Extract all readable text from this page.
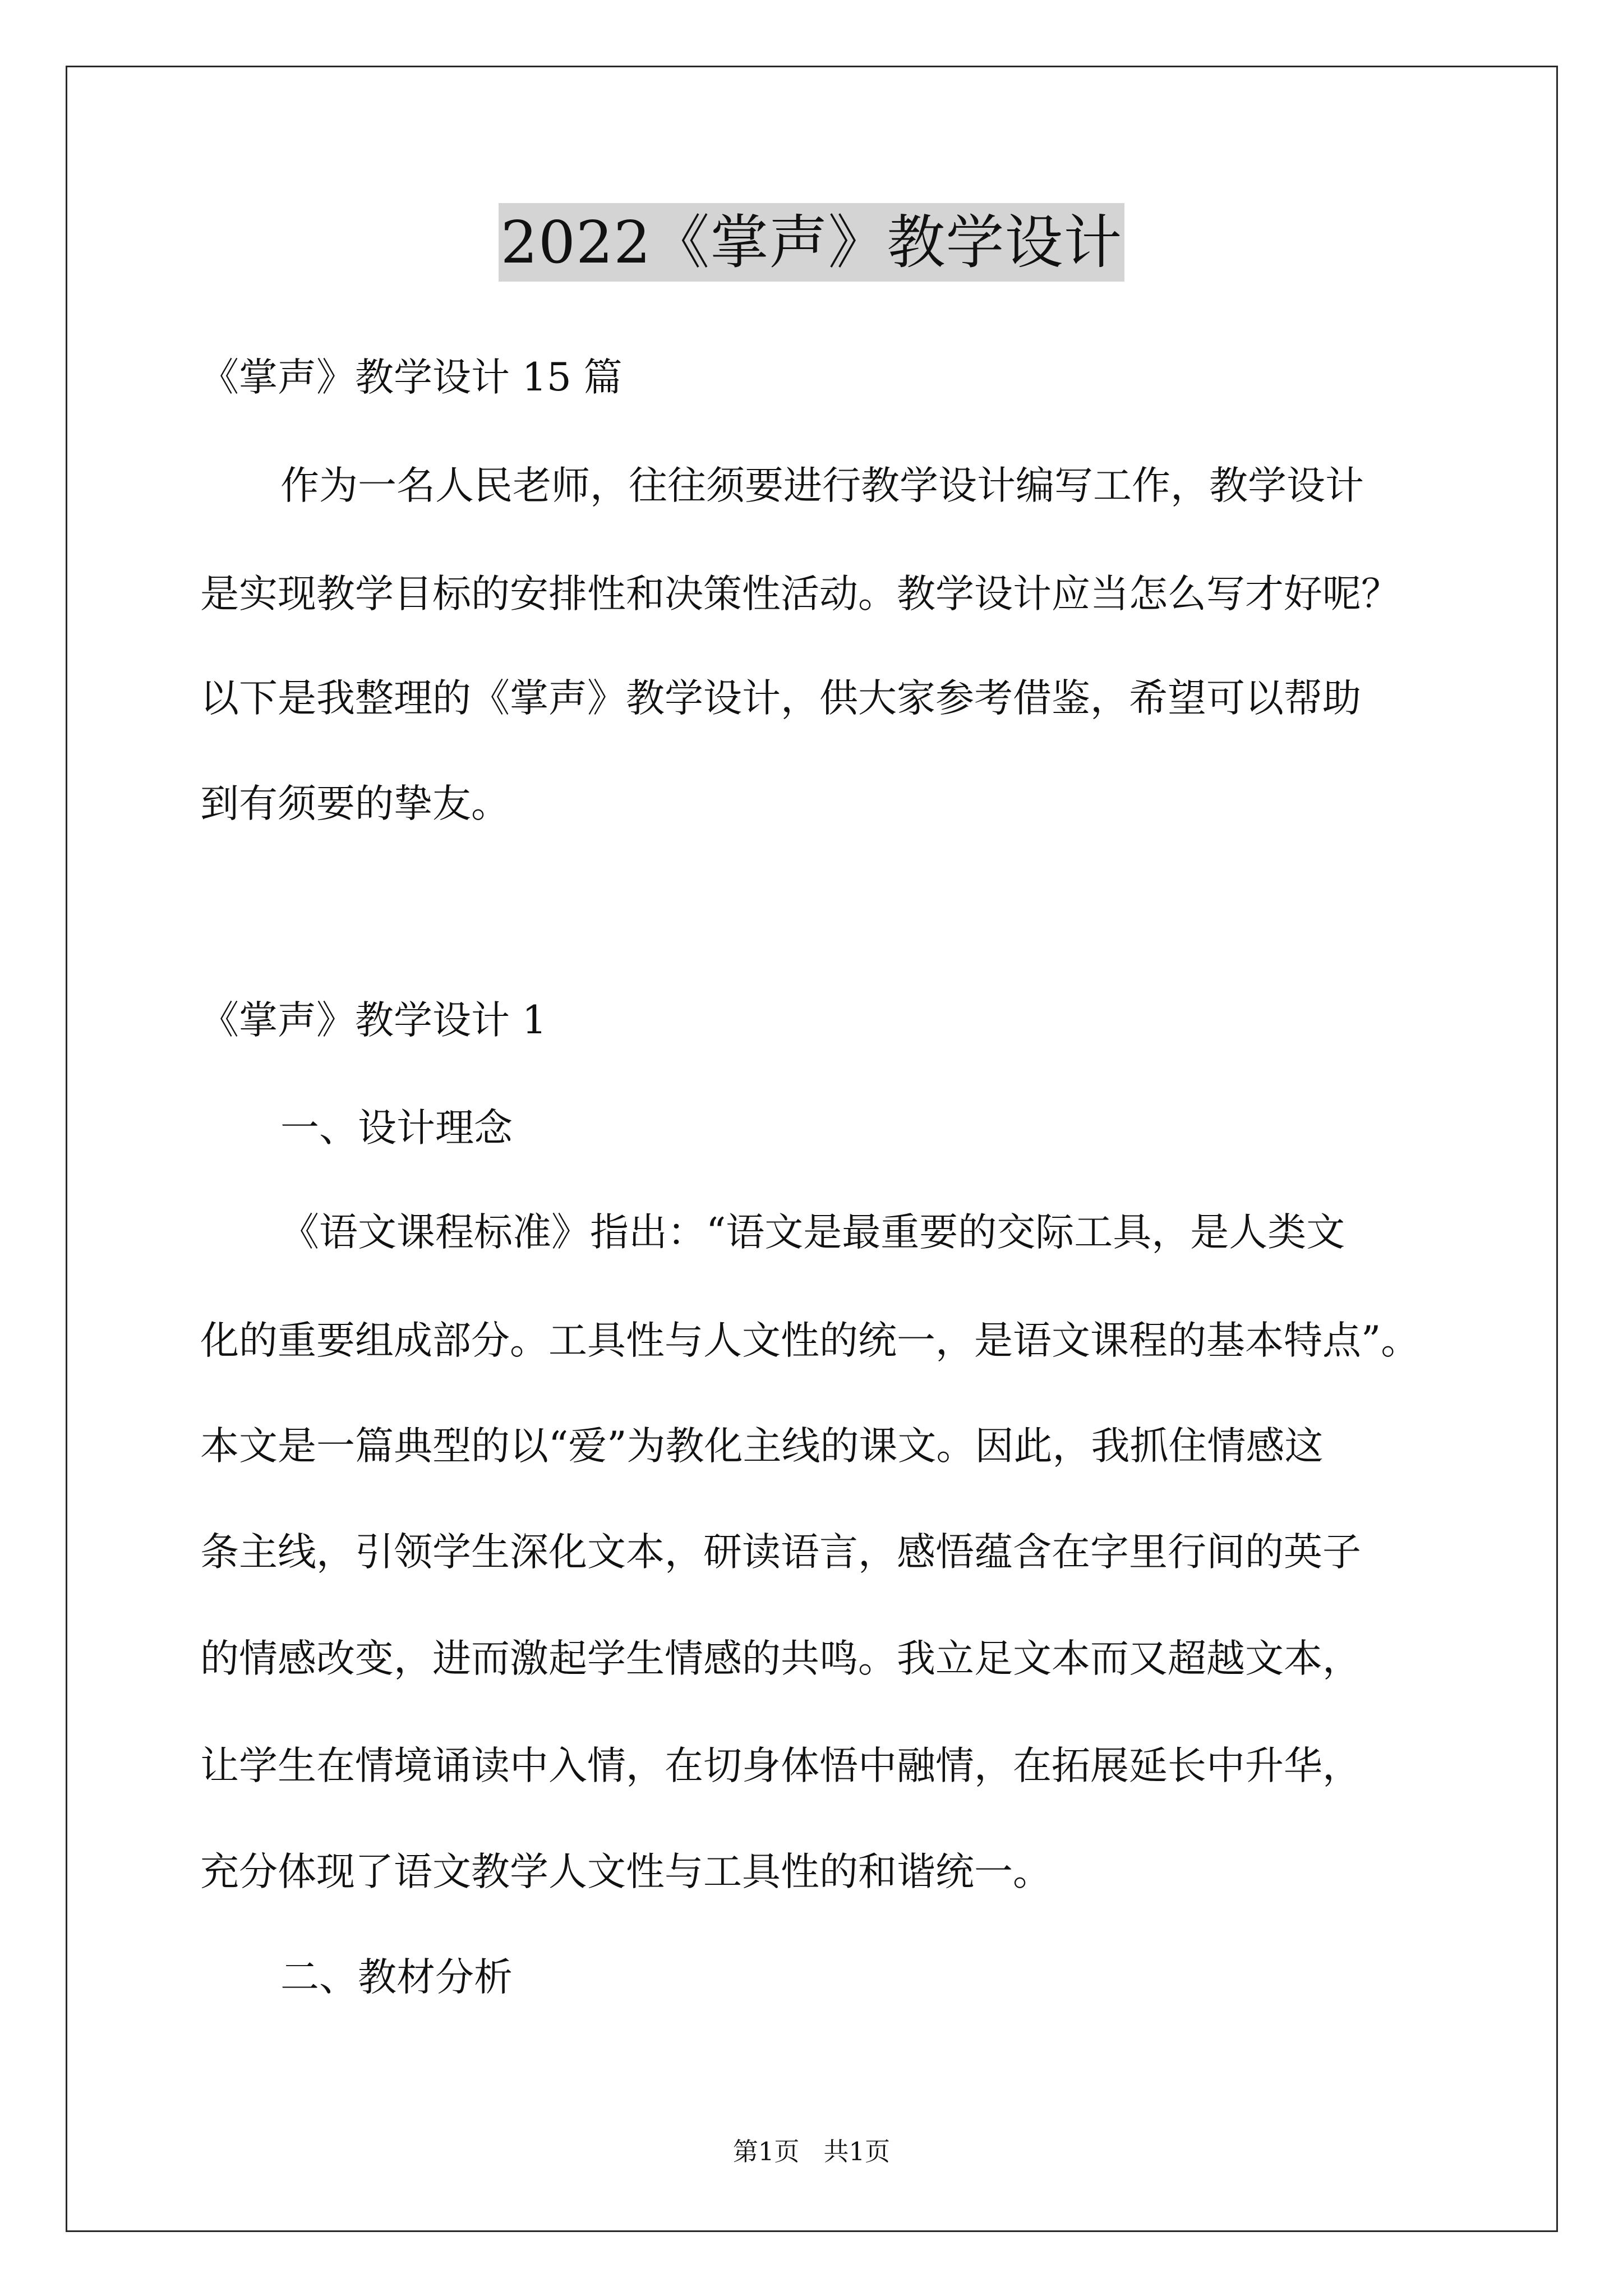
2022《掌声》教学设计
《掌声》教学设计 15 篇
作为一名人民老师，往往须要进行教学设计编写工作，教学设计
是实现教学目标的安排性和决策性活动。教学设计应当怎么写才好呢？
以下是我整理的《掌声》教学设计，供大家参考借鉴，希望可以帮助
到有须要的挚友。
《掌声》教学设计 1
一、设计理念
《语文课程标准》指出：“语文是最重要的交际工具，是人类文
化的重要组成部分。工具性与人文性的统一，是语文课程的基本特点”。
本文是一篇典型的以“爱”为教化主线的课文。因此，我抓住情感这
条主线，引领学生深化文本，研读语言，感悟蕴含在字里行间的英子
的情感改变，进而激起学生情感的共鸣。我立足文本而又超越文本，
让学生在情境诵读中入情，在切身体悟中融情，在拓展延长中升华，
充分体现了语文教学人文性与工具性的和谐统一。
二、教材分析
第1页   共1页
